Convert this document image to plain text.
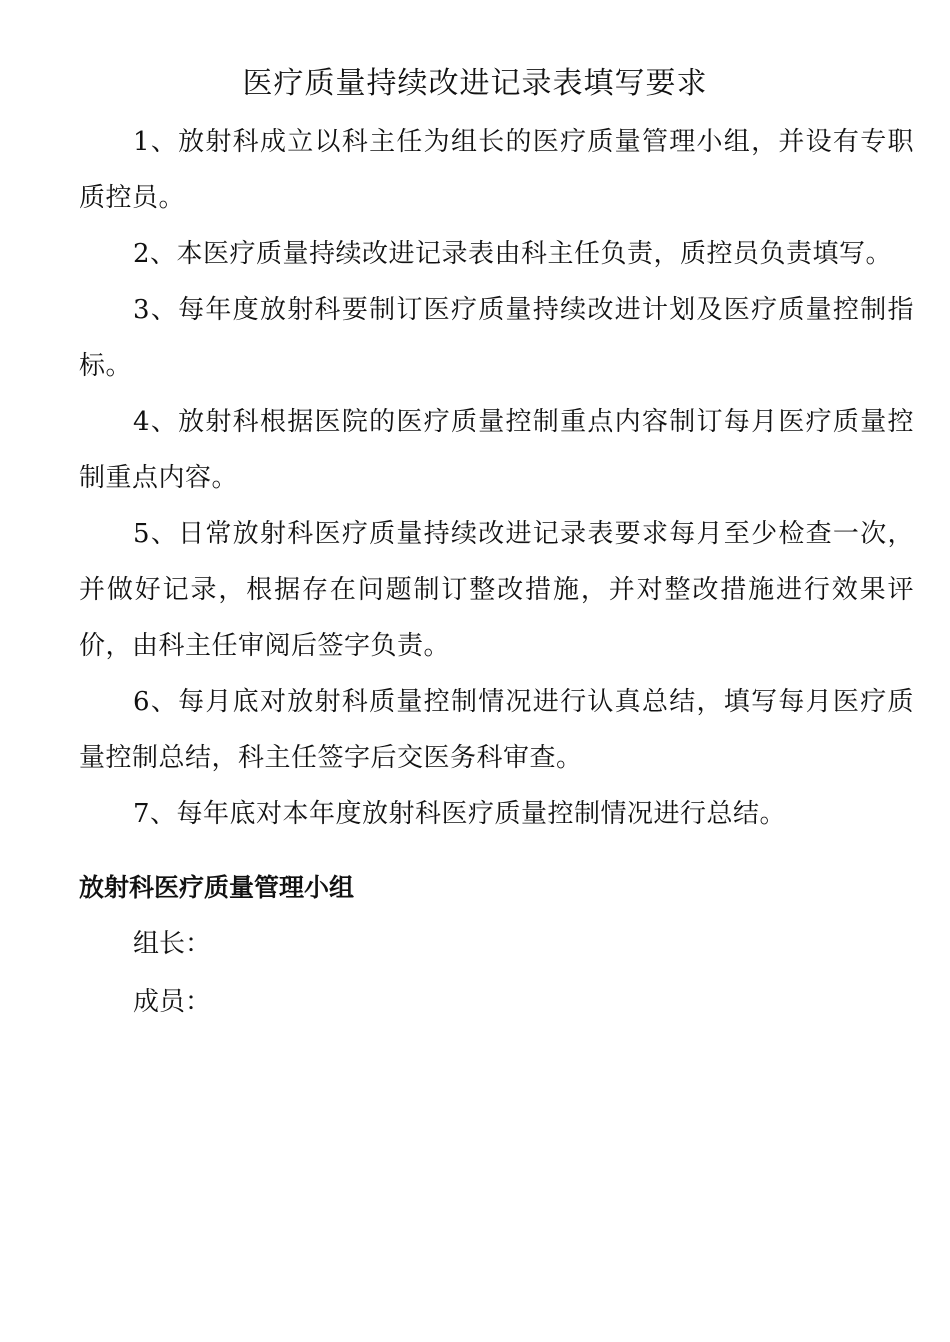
医疗质量持续改进记录表填写要求

1、放射科成立以科主任为组长的医疗质量管理小组，并设有专职质控员。

2、本医疗质量持续改进记录表由科主任负责，质控员负责填写。

3、每年度放射科要制订医疗质量持续改进计划及医疗质量控制指标。

4、放射科根据医院的医疗质量控制重点内容制订每月医疗质量控制重点内容。

5、日常放射科医疗质量持续改进记录表要求每月至少检查一次，并做好记录，根据存在问题制订整改措施，并对整改措施进行效果评价，由科主任审阅后签字负责。

6、每月底对放射科质量控制情况进行认真总结，填写每月医疗质量控制总结，科主任签字后交医务科审查。

7、每年底对本年度放射科医疗质量控制情况进行总结。

放射科医疗质量管理小组

组长：

成员：
